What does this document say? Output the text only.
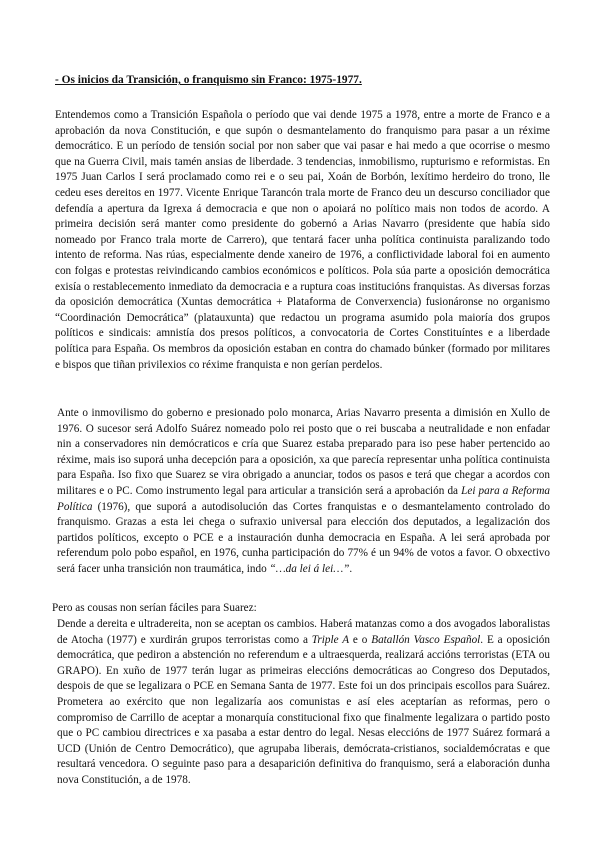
- Os inicios da Transición, o franquismo sin Franco: 1975-1977.
Entendemos como a Transición Española o período que vai dende 1975 a 1978, entre a morte de Franco e a aprobación da nova Constitución, e que supón o desmantelamento do franquismo para pasar a un réxime democrático. E un período de tensión social por non saber que vai pasar e hai medo a que ocorrise o mesmo que na Guerra Civil, mais tamén ansias de liberdade. 3 tendencias, inmobilismo, rupturismo e reformistas. En 1975 Juan Carlos I será proclamado como rei e o seu pai, Xoán de Borbón, lexítimo herdeiro do trono, lle cedeu eses dereitos en 1977. Vicente Enrique Tarancón trala morte de Franco deu un descurso conciliador que defendía a apertura da Igrexa á democracia e que non o apoiará no político mais non todos de acordo. A primeira decisión será manter como presidente do gobernó a Arias Navarro (presidente que había sido nomeado por Franco trala morte de Carrero), que tentará facer unha política continuista paralizando todo intento de reforma. Nas rúas, especialmente dende xaneiro de 1976, a conflictividade laboral foi en aumento con folgas e protestas reivindicando cambios económicos e políticos. Pola súa parte a oposición democrática exisía o restablecemento inmediato da democracia e a ruptura coas institucións franquistas. As diversas forzas da oposición democrática (Xuntas democrática + Plataforma de Converxencia) fusionáronse no organismo “Coordinación Democrática” (platauxunta) que redactou un programa asumido pola maioría dos grupos políticos e sindicais: amnistía dos presos políticos, a convocatoria de Cortes Constituíntes e a liberdade política para España. Os membros da oposición estaban en contra do chamado búnker (formado por militares e bispos que tiñan privilexios co réxime franquista e non gerían perdelos.
Ante o inmovilismo do goberno e presionado polo monarca, Arias Navarro presenta a dimisión en Xullo de 1976. O sucesor será Adolfo Suárez nomeado polo rei posto que o rei buscaba a neutralidade e non enfadar nin a conservadores nin demócraticos e cría que Suarez estaba preparado para iso pese haber pertencido ao réxime, mais iso suporá unha decepción para a oposición, xa que parecía representar unha política continuista para España. Iso fixo que Suarez se vira obrigado a anunciar, todos os pasos e terá que chegar a acordos con militares e o PC. Como instrumento legal para articular a transición será a aprobación da Lei para a Reforma Política (1976), que suporá a autodisolución das Cortes franquistas e o desmantelamento controlado do franquismo. Grazas a esta lei chega o sufraxio universal para elección dos deputados, a legalización dos partidos políticos, excepto o PCE e a instauración dunha democracia en España. A lei será aprobada por referendum polo pobo español, en 1976, cunha participación do 77% é un 94% de votos a favor. O obxectivo será facer unha transición non traumática, indo “…da lei á lei…”.
Pero as cousas non serían fáciles para Suarez:
Dende a dereita e ultradereita, non se aceptan os cambios. Haberá matanzas como a dos avogados laboralistas de Atocha (1977) e xurdirán grupos terroristas como a Triple A e o Batallón Vasco Español. E a oposición democrática, que pediron a abstención no referendum e a ultraesquerda, realizará accións terroristas (ETA ou GRAPO). En xuño de 1977 terán lugar as primeiras eleccións democráticas ao Congreso dos Deputados, despois de que se legalizara o PCE en Semana Santa de 1977. Este foi un dos principais escollos para Suárez. Prometera ao exército que non legalizaría aos comunistas e así eles aceptarían as reformas, pero o compromiso de Carrillo de aceptar a monarquía constitucional fixo que finalmente legalizara o partido posto que o PC cambiou directrices e xa pasaba a estar dentro do legal. Nesas eleccións de 1977 Suárez formará a UCD (Unión de Centro Democrático), que agrupaba liberais, demócrata-cristianos, socialdemócratas e que resultará vencedora. O seguinte paso para a desaparición definitiva do franquismo, será a elaboración dunha nova Constitución, a de 1978.
